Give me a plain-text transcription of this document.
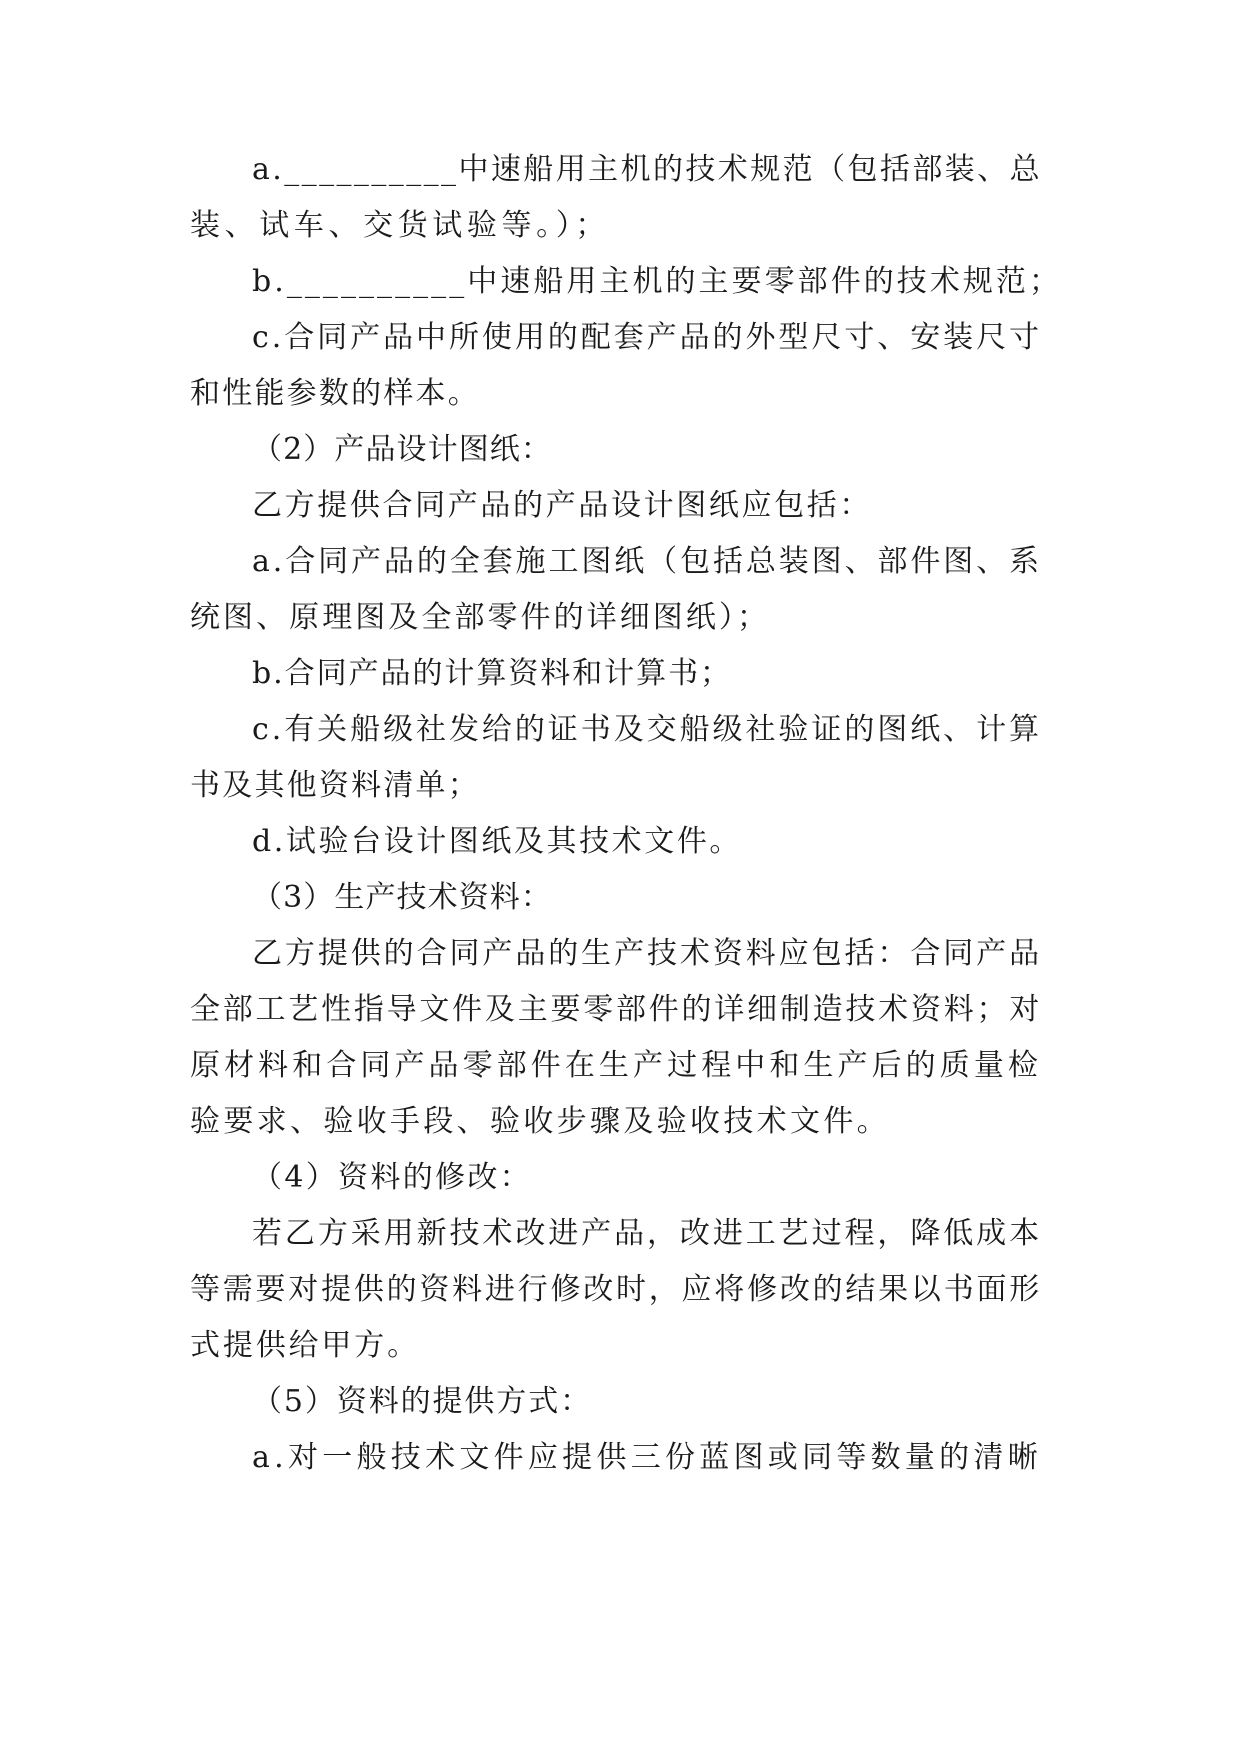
a.__________中速船用主机的技术规范（包括部装、总
装、试车、交货试验等。）；
b.__________中速船用主机的主要零部件的技术规范；
c.合同产品中所使用的配套产品的外型尺寸、安装尺寸
和性能参数的样本。
（2）产品设计图纸：
乙方提供合同产品的产品设计图纸应包括：
a.合同产品的全套施工图纸（包括总装图、部件图、系
统图、原理图及全部零件的详细图纸）；
b.合同产品的计算资料和计算书；
c.有关船级社发给的证书及交船级社验证的图纸、计算
书及其他资料清单；
d.试验台设计图纸及其技术文件。
（3）生产技术资料：
乙方提供的合同产品的生产技术资料应包括：合同产品
全部工艺性指导文件及主要零部件的详细制造技术资料；对
原材料和合同产品零部件在生产过程中和生产后的质量检
验要求、验收手段、验收步骤及验收技术文件。
（4）资料的修改：
若乙方采用新技术改进产品，改进工艺过程，降低成本
等需要对提供的资料进行修改时，应将修改的结果以书面形
式提供给甲方。
（5）资料的提供方式：
a.对一般技术文件应提供三份蓝图或同等数量的清晰
